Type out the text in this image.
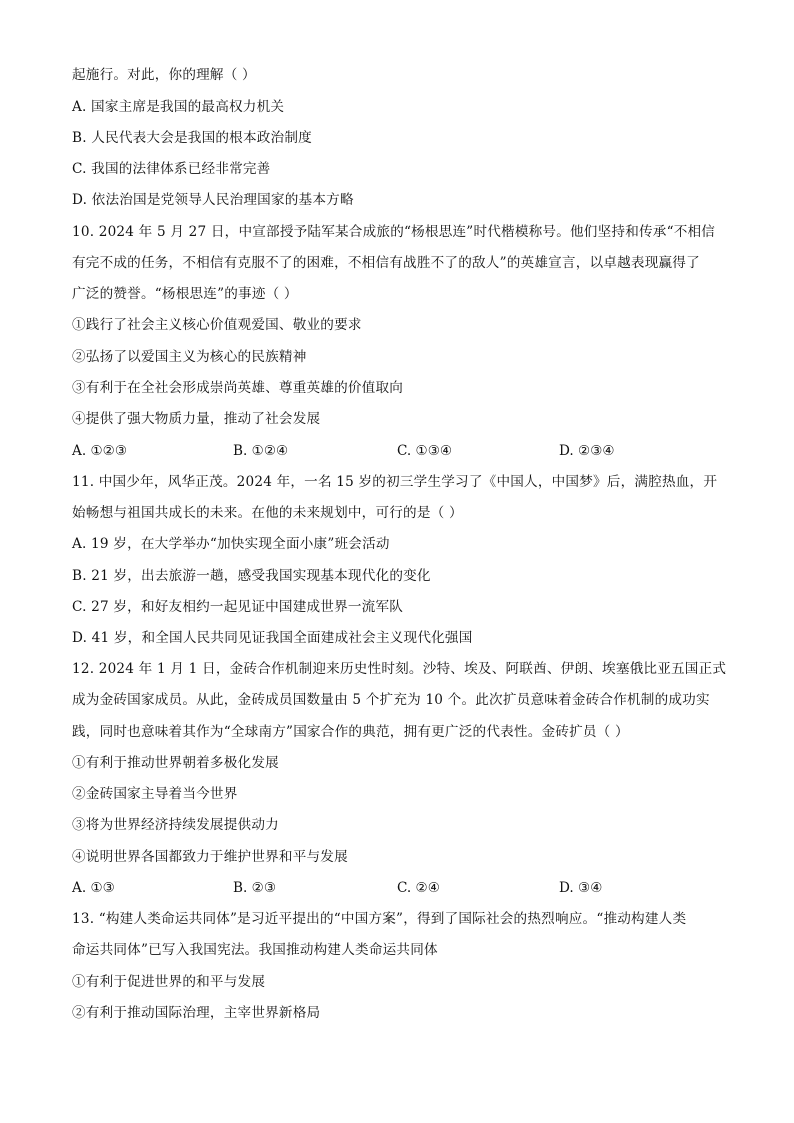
起施行。对此，你的理解（ ）
A. 国家主席是我国的最高权力机关
B. 人民代表大会是我国的根本政治制度
C. 我国的法律体系已经非常完善
D. 依法治国是党领导人民治理国家的基本方略
10. 2024 年 5 月 27 日，中宣部授予陆军某合成旅的“杨根思连”时代楷模称号。他们坚持和传承“不相信
有完不成的任务，不相信有克服不了的困难，不相信有战胜不了的敌人”的英雄宣言，以卓越表现赢得了
广泛的赞誉。“杨根思连”的事迹（ ）
①践行了社会主义核心价值观爱国、敬业的要求
②弘扬了以爱国主义为核心的民族精神
③有利于在全社会形成崇尚英雄、尊重英雄的价值取向
④提供了强大物质力量，推动了社会发展
A. ①②③	B. ①②④	C. ①③④	D. ②③④
11. 中国少年，风华正茂。2024 年，一名 15 岁的初三学生学习了《中国人，中国梦》后，满腔热血，开
始畅想与祖国共成长的未来。在他的未来规划中，可行的是（ ）
A. 19 岁，在大学举办“加快实现全面小康”班会活动
B. 21 岁，出去旅游一趟，感受我国实现基本现代化的变化
C. 27 岁，和好友相约一起见证中国建成世界一流军队
D. 41 岁，和全国人民共同见证我国全面建成社会主义现代化强国
12. 2024 年 1 月 1 日，金砖合作机制迎来历史性时刻。沙特、埃及、阿联酋、伊朗、埃塞俄比亚五国正式
成为金砖国家成员。从此，金砖成员国数量由 5 个扩充为 10 个。此次扩员意味着金砖合作机制的成功实
践，同时也意味着其作为“全球南方”国家合作的典范，拥有更广泛的代表性。金砖扩员（ ）
①有利于推动世界朝着多极化发展
②金砖国家主导着当今世界
③将为世界经济持续发展提供动力
④说明世界各国都致力于维护世界和平与发展
A. ①③	B. ②③	C. ②④	D. ③④
13. “构建人类命运共同体”是习近平提出的“中国方案”，得到了国际社会的热烈响应。“推动构建人类
命运共同体”已写入我国宪法。我国推动构建人类命运共同体
①有利于促进世界的和平与发展
②有利于推动国际治理，主宰世界新格局
